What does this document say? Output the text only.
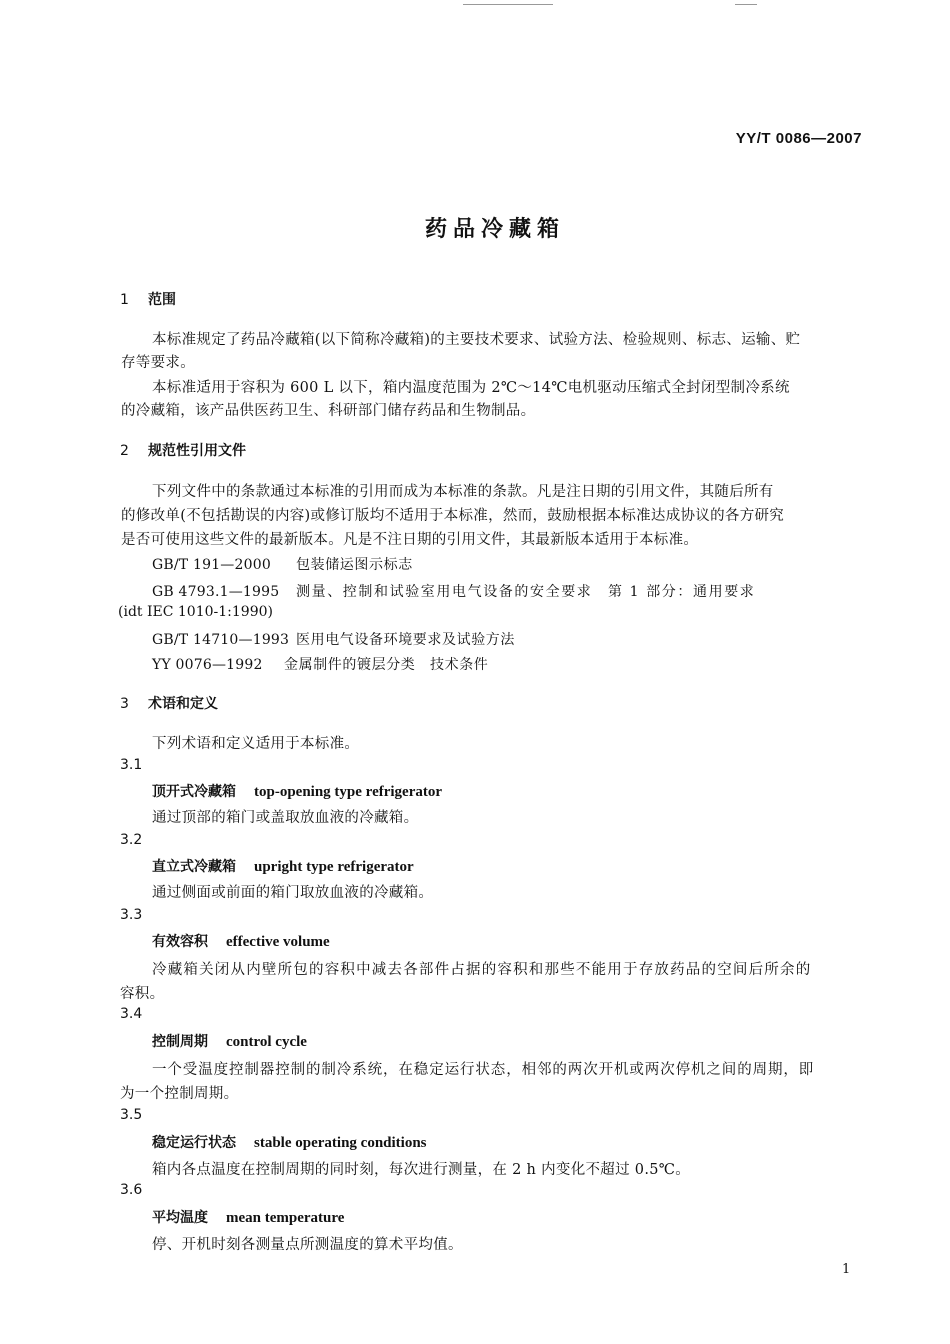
YY/T 0086—2007
药品冷藏箱
1 范围
本标准规定了药品冷藏箱(以下简称冷藏箱)的主要技术要求、试验方法、检验规则、标志、运输、贮
存等要求。
本标准适用于容积为 600 L 以下，箱内温度范围为 2℃～14℃电机驱动压缩式全封闭型制冷系统
的冷藏箱，该产品供医药卫生、科研部门储存药品和生物制品。
2 规范性引用文件
下列文件中的条款通过本标准的引用而成为本标准的条款。凡是注日期的引用文件，其随后所有
的修改单(不包括勘误的内容)或修订版均不适用于本标准，然而，鼓励根据本标准达成协议的各方研究
是否可使用这些文件的最新版本。凡是不注日期的引用文件，其最新版本适用于本标准。
GB/T 191—2000 包装储运图示标志
GB 4793.1—1995 测量、控制和试验室用电气设备的安全要求　第 1 部分：通用要求
(idt IEC 1010-1:1990)
GB/T 14710—1993 医用电气设备环境要求及试验方法
YY 0076—1992 金属制件的镀层分类　技术条件
3 术语和定义
下列术语和定义适用于本标准。
3.1
顶开式冷藏箱 top-opening type refrigerator
通过顶部的箱门或盖取放血液的冷藏箱。
3.2
直立式冷藏箱 upright type refrigerator
通过侧面或前面的箱门取放血液的冷藏箱。
3.3
有效容积 effective volume
冷藏箱关闭从内壁所包的容积中减去各部件占据的容积和那些不能用于存放药品的空间后所余的
容积。
3.4
控制周期 control cycle
一个受温度控制器控制的制冷系统，在稳定运行状态，相邻的两次开机或两次停机之间的周期，即
为一个控制周期。
3.5
稳定运行状态 stable operating conditions
箱内各点温度在控制周期的同时刻，每次进行测量，在 2 h 内变化不超过 0.5℃。
3.6
平均温度 mean temperature
停、开机时刻各测量点所测温度的算术平均值。
1
